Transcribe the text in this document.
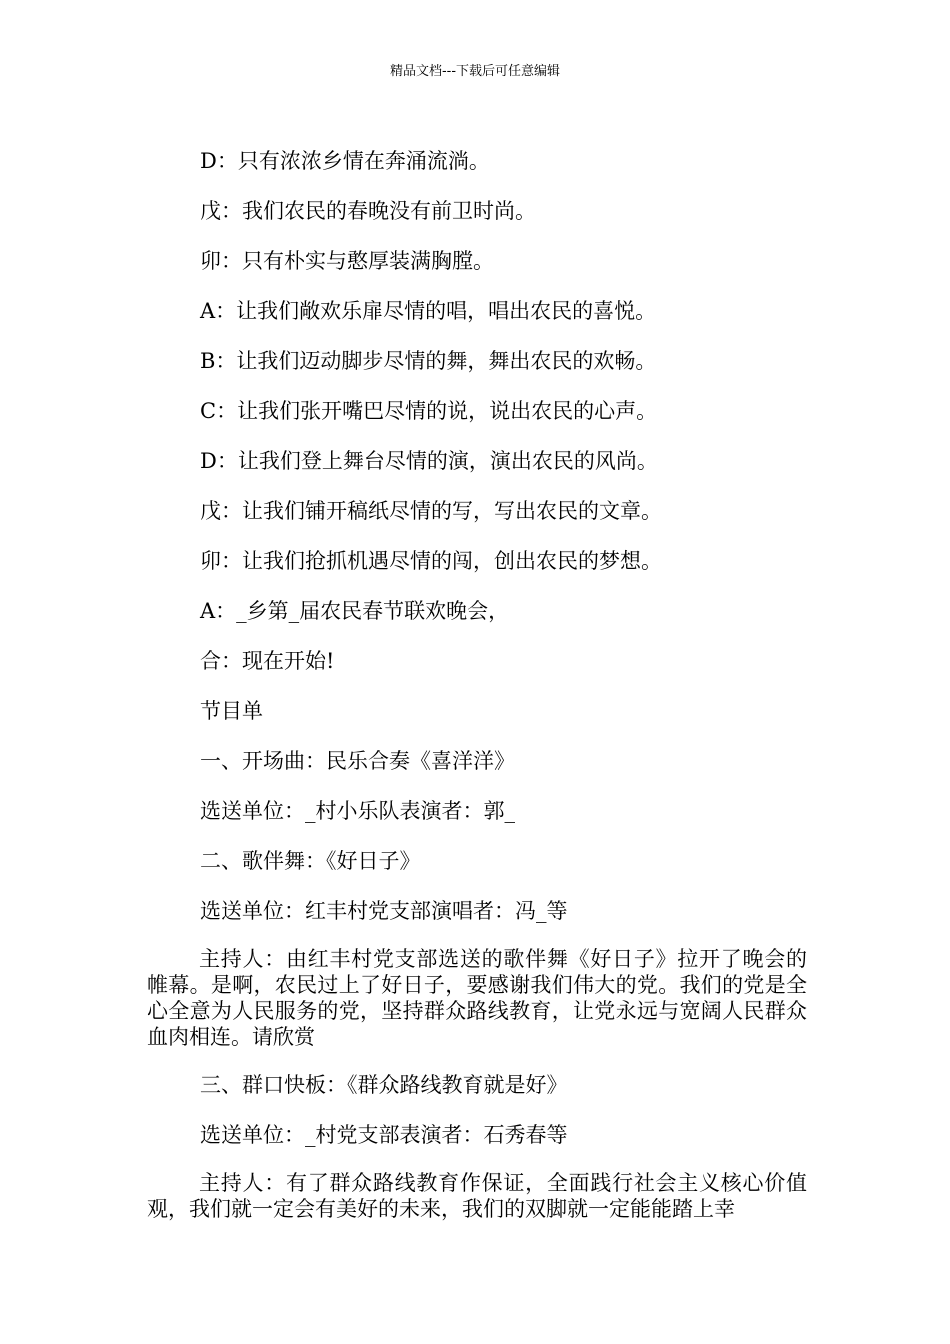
精品文档---下载后可任意编辑
D：只有浓浓乡情在奔涌流淌。
戊：我们农民的春晚没有前卫时尚。
卯：只有朴实与憨厚装满胸膛。
A：让我们敞欢乐扉尽情的唱，唱出农民的喜悦。
B：让我们迈动脚步尽情的舞，舞出农民的欢畅。
C：让我们张开嘴巴尽情的说，说出农民的心声。
D：让我们登上舞台尽情的演，演出农民的风尚。
戊：让我们铺开稿纸尽情的写，写出农民的文章。
卯：让我们抢抓机遇尽情的闯，创出农民的梦想。
A：_乡第_届农民春节联欢晚会，
合：现在开始!
节目单
一、开场曲：民乐合奏《喜洋洋》
选送单位：_村小乐队表演者：郭_
二、歌伴舞：《好日子》
选送单位：红丰村党支部演唱者：冯_等
主持人：由红丰村党支部选送的歌伴舞《好日子》拉开了晚会的帷幕。是啊，农民过上了好日子，要感谢我们伟大的党。我们的党是全心全意为人民服务的党，坚持群众路线教育，让党永远与宽阔人民群众血肉相连。请欣赏
三、群口快板：《群众路线教育就是好》
选送单位：_村党支部表演者：石秀春等
主持人：有了群众路线教育作保证，全面践行社会主义核心价值观，我们就一定会有美好的未来，我们的双脚就一定能能踏上幸
